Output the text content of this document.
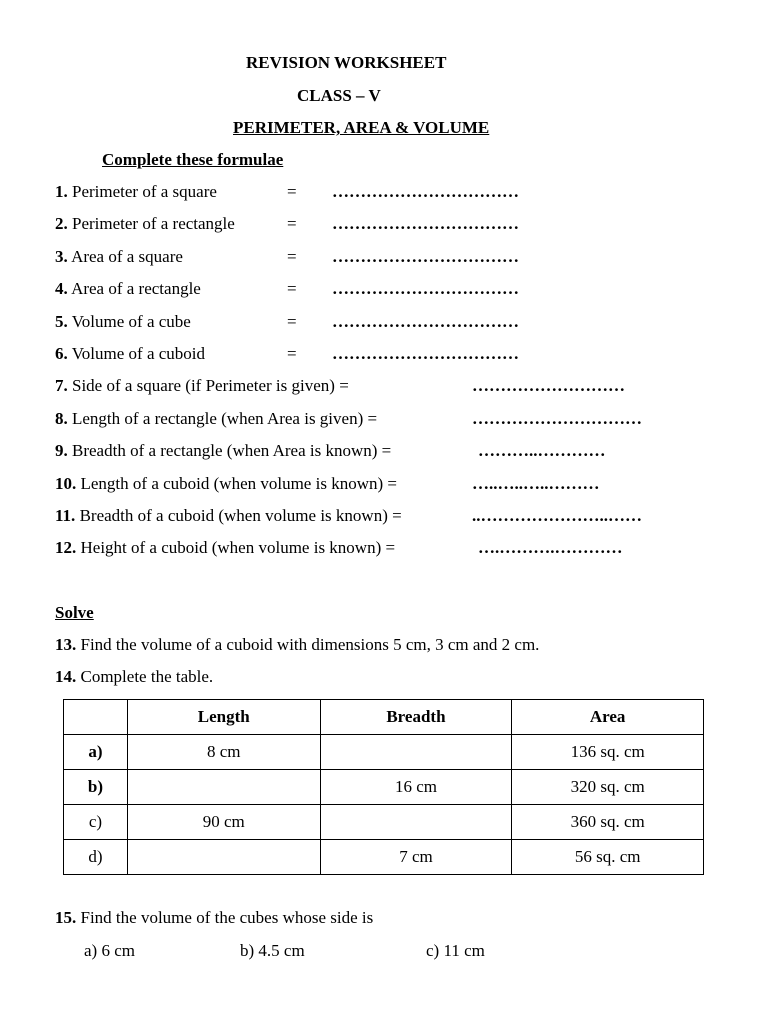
REVISION WORKSHEET
CLASS – V
PERIMETER, AREA & VOLUME
Complete these formulae
1. Perimeter of a square	= ……………………………
2. Perimeter of a rectangle	= ……………………………
3. Area of a square	= ……………………………
4. Area of a rectangle	= ……………………………
5. Volume of a cube	= ……………………………
6. Volume of a cuboid	= ……………………………
7. Side of a square (if Perimeter is given) =	………………………
8. Length of a rectangle (when Area is given) =	…………………………
9. Breadth of a rectangle (when Area is known) =	………..…………
10. Length of a cuboid (when volume is known) =	…..…..…..………
11. Breadth of a cuboid (when volume is known) =	..…………………..……
12. Height of a cuboid (when volume is known) =	….……….…………
Solve
13. Find the volume of a cuboid with dimensions 5 cm, 3 cm and 2 cm.
14. Complete the table.
	Length	Breadth	Area
a)	8 cm		136 sq. cm
b)		16 cm	320 sq. cm
c)	90 cm		360 sq. cm
d)		7 cm	56 sq. cm
15. Find the volume of the cubes whose side is
a) 6 cm	b) 4.5 cm	c) 11 cm
